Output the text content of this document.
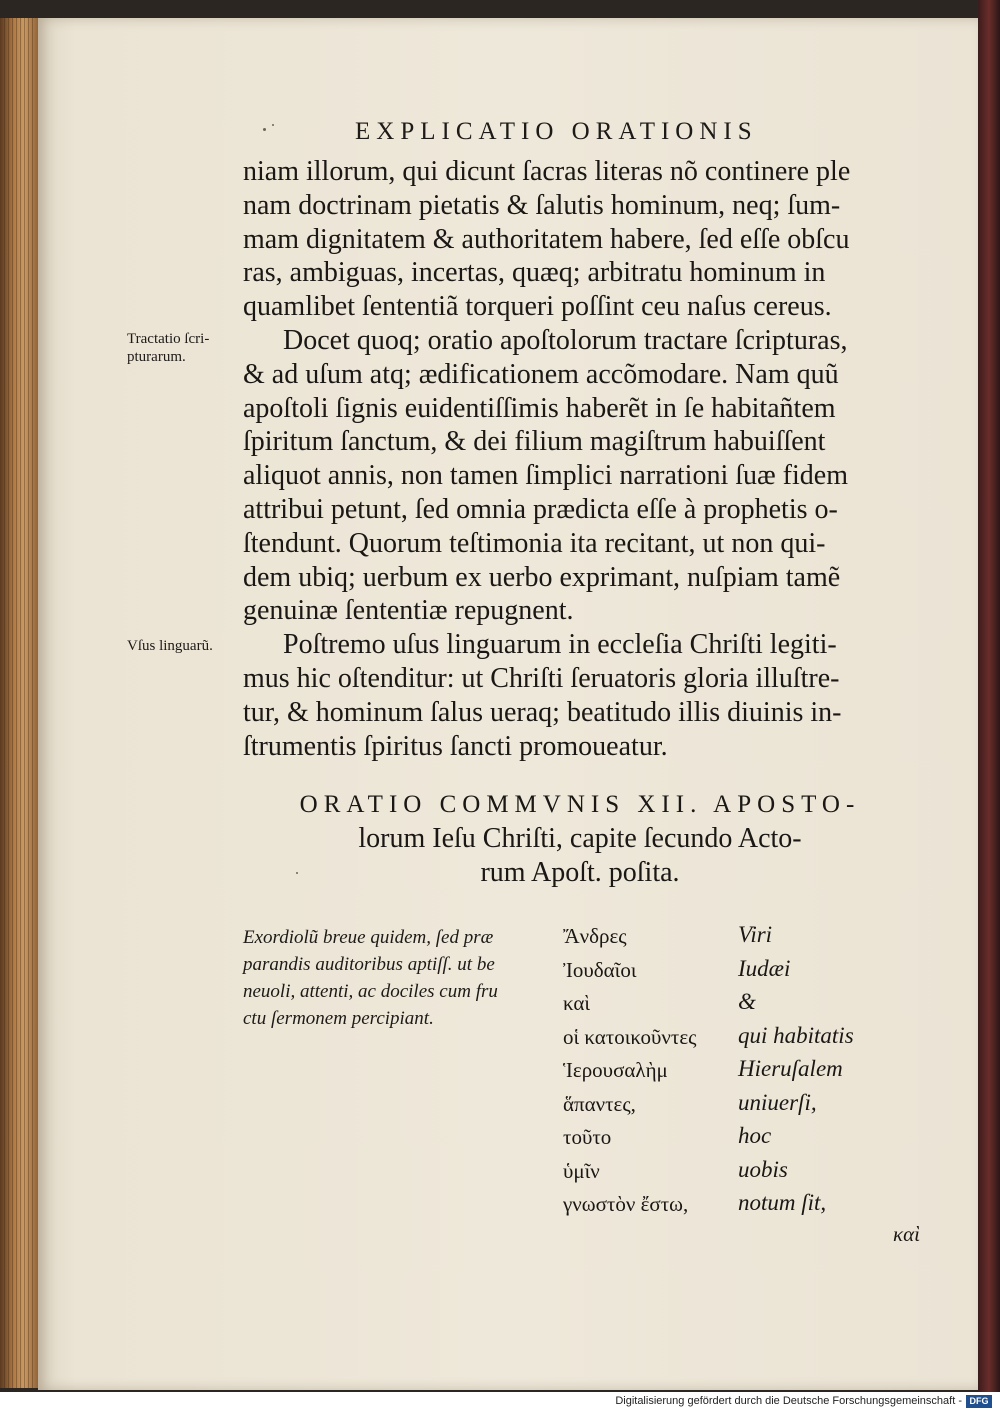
EXPLICATIO ORATIONIS
niam illorum, qui dicunt ſacras literas nõ continere ple
nam doctrinam pietatis & ſalutis hominum, neq; ſum-
mam dignitatem & authoritatem habere, ſed eſſe obſcu
ras, ambiguas, incertas, quæq; arbitratu hominum in
quamlibet ſententiã torqueri poſſint ceu naſus cereus.
Docet quoq; oratio apoſtolorum tractare ſcripturas,
& ad uſum atq; ædificationem accõmodare. Nam quũ
apoſtoli ſignis euidentiſſimis haberẽt in ſe habitañtem
ſpiritum ſanctum, & dei filium magiſtrum habuiſſent
aliquot annis, non tamen ſimplici narrationi ſuæ fidem
attribui petunt, ſed omnia prædicta eſſe à prophetis o-
ſtendunt. Quorum teſtimonia ita recitant, ut non qui-
dem ubiq; uerbum ex uerbo exprimant, nuſpiam tamẽ
genuinæ ſententiæ repugnent.
Poſtremo uſus linguarum in eccleſia Chriſti legiti-
mus hic oſtenditur: ut Chriſti ſeruatoris gloria illuſtre-
tur, & hominum ſalus ueraq; beatitudo illis diuinis in-
ſtrumentis ſpiritus ſancti promoueatur.
Tractatio ſcri-
pturarum.
Vſus linguarũ.
ORATIO COMMVNIS XII. APOSTO-
lorum Ieſu Chriſti, capite ſecundo Acto-
rum Apoſt. poſita.
Exordiolũ breue quidem, ſed præ
parandis auditoribus aptiſſ. ut be
neuoli, attenti, ac dociles cum fru
ctu ſermonem percipiant.
Ἄνδρες
Ἰουδαῖοι
καὶ
οἱ κατοικοῦντες
Ἱερουσαλὴμ
ἅπαντες,
τοῦτο
ὑμῖν
γνωστὸν ἔστω,
Viri
Iudæi
&
qui habitatis
Hieruſalem
uniuerſi,
hoc
uobis
notum ſit,
καὶ
Digitalisierung gefördert durch die Deutsche Forschungsgemeinschaft - DFG
